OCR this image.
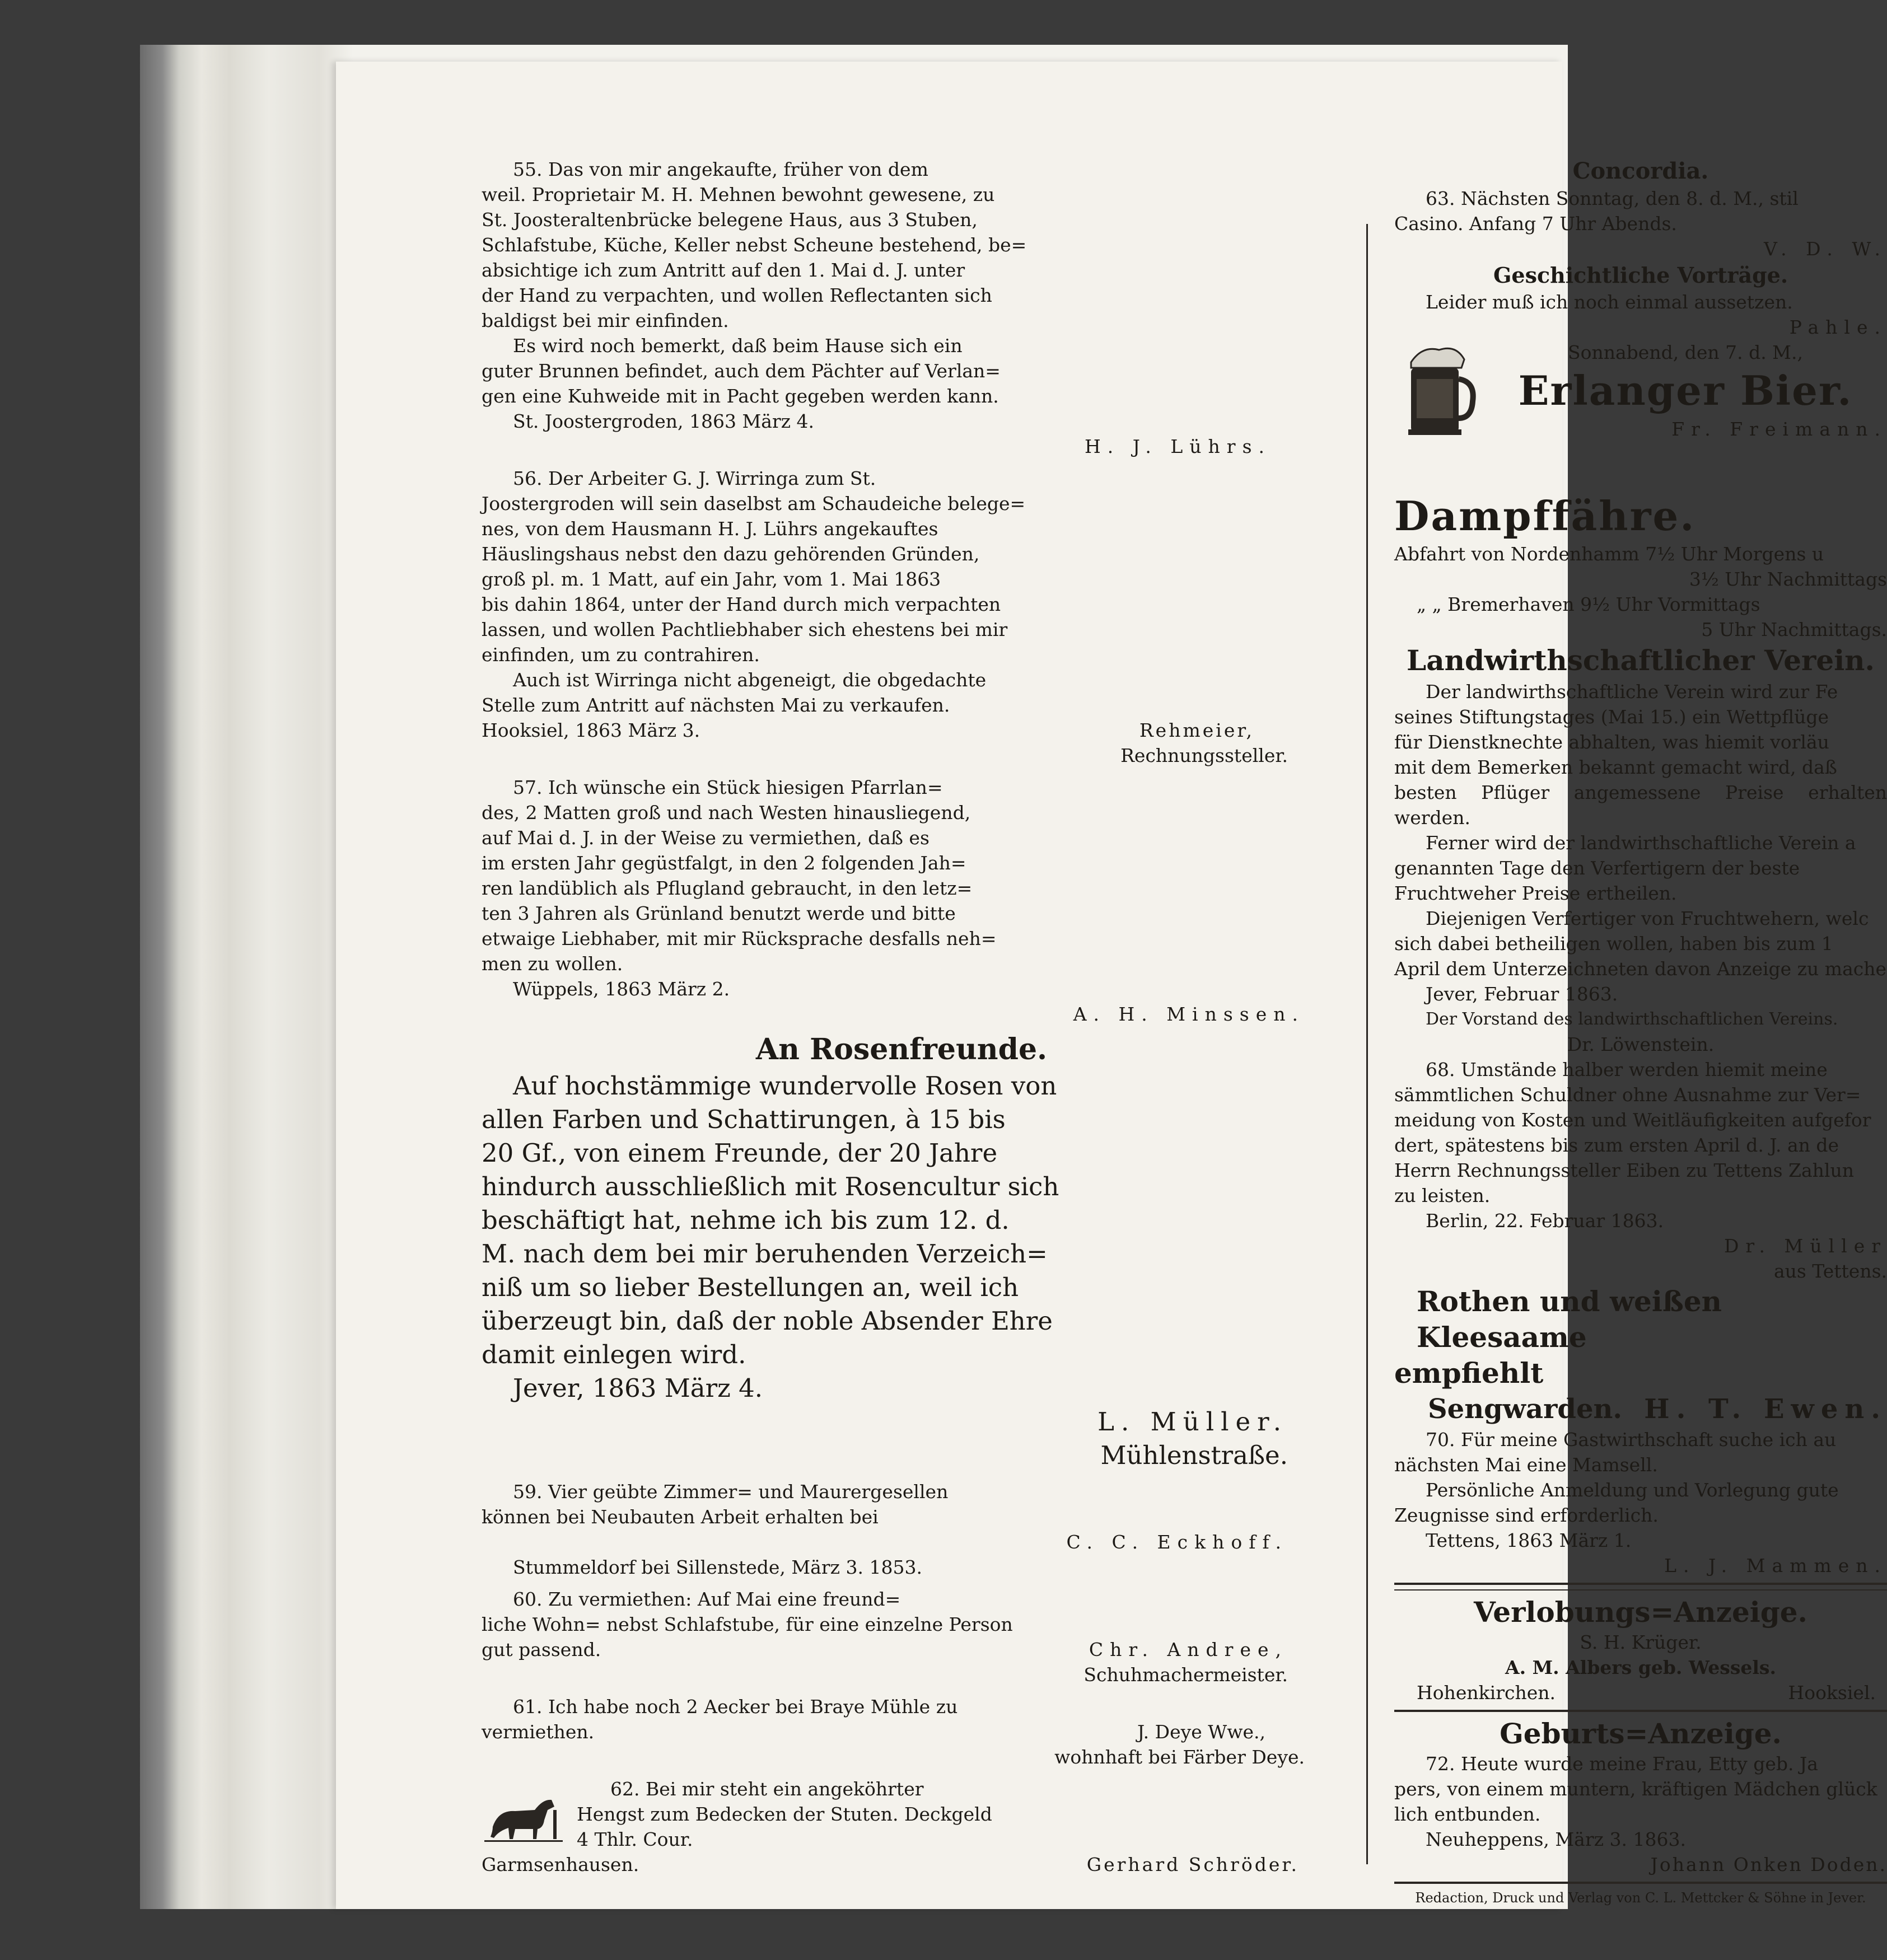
55. Das von mir angekaufte, früher von dem

weil. Proprietair M. H. Mehnen bewohnt gewesene, zu

St. Joosteraltenbrücke belegene Haus, aus 3 Stuben,

Schlafstube, Küche, Keller nebst Scheune bestehend, be=

absichtige ich zum Antritt auf den 1. Mai d. J. unter

der Hand zu verpachten, und wollen Reflectanten sich

baldigst bei mir einfinden.

Es wird noch bemerkt, daß beim Hause sich ein

guter Brunnen befindet, auch dem Pächter auf Verlan=

gen eine Kuhweide mit in Pacht gegeben werden kann.

St. Joostergroden, 1863 März 4.

H. J. Lührs.

56. Der Arbeiter G. J. Wirringa zum St.

Joostergroden will sein daselbst am Schaudeiche belege=

nes, von dem Hausmann H. J. Lührs angekauftes

Häuslingshaus nebst den dazu gehörenden Gründen,

groß pl. m. 1 Matt, auf ein Jahr, vom 1. Mai 1863

bis dahin 1864, unter der Hand durch mich verpachten

lassen, und wollen Pachtliebhaber sich ehestens bei mir

einfinden, um zu contrahiren.

Auch ist Wirringa nicht abgeneigt, die obgedachte

Stelle zum Antritt auf nächsten Mai zu verkaufen.

Hooksiel, 1863 März 3.	Rehmeier,

Rechnungssteller.

57. Ich wünsche ein Stück hiesigen Pfarrlan=

des, 2 Matten groß und nach Westen hinausliegend,

auf Mai d. J. in der Weise zu vermiethen, daß es

im ersten Jahr gegüstfalgt, in den 2 folgenden Jah=

ren landüblich als Pflugland gebraucht, in den letz=

ten 3 Jahren als Grünland benutzt werde und bitte

etwaige Liebhaber, mit mir Rücksprache desfalls neh=

men zu wollen.

Wüppels, 1863 März 2.

A. H. Minssen.

An Rosenfreunde.

Auf hochstämmige wundervolle Rosen von

allen Farben und Schattirungen, à 15 bis

20 Gf., von einem Freunde, der 20 Jahre

hindurch ausschließlich mit Rosencultur sich

beschäftigt hat, nehme ich bis zum 12. d.

M. nach dem bei mir beruhenden Verzeich=

niß um so lieber Bestellungen an, weil ich

überzeugt bin, daß der noble Absender Ehre

damit einlegen wird.

Jever, 1863 März 4.

L. Müller.

Mühlenstraße.

59. Vier geübte Zimmer= und Maurergesellen

können bei Neubauten Arbeit erhalten bei

C. C. Eckhoff.

Stummeldorf bei Sillenstede, März 3. 1853.

60. Zu vermiethen: Auf Mai eine freund=

liche Wohn= nebst Schlafstube, für eine einzelne Person

gut passend.	Chr. Andree,

Schuhmachermeister.

61. Ich habe noch 2 Aecker bei Braye Mühle zu

vermiethen.	J. Deye Wwe.,

wohnhaft bei Färber Deye.

62. Bei mir steht ein angeköhrter

Hengst zum Bedecken der Stuten. Deckgeld

4 Thlr. Cour.

Garmsenhausen.	Gerhard Schröder.
Concordia.

63. Nächsten Sonntag, den 8. d. M., stil

Casino. Anfang 7 Uhr Abends.

V. D. W.

Geschichtliche Vorträge.

Leider muß ich noch einmal aussetzen.

Pahle.

Sonnabend, den 7. d. M.,

Erlanger Bier.

Fr. Freimann.

Dampffähre.

Abfahrt von Nordenhamm 7½ Uhr Morgens u

3½ Uhr Nachmittags

„ „ Bremerhaven 9½ Uhr Vormittags

5 Uhr Nachmittags.

Landwirthschaftlicher Verein.

Der landwirthschaftliche Verein wird zur Fe

seines Stiftungstages (Mai 15.) ein Wettpflüge

für Dienstknechte abhalten, was hiemit vorläu

mit dem Bemerken bekannt gemacht wird, daß

besten Pflüger angemessene Preise erhalten werden.

Ferner wird der landwirthschaftliche Verein a

genannten Tage den Verfertigern der beste

Fruchtweher Preise ertheilen.

Diejenigen Verfertiger von Fruchtwehern, welc

sich dabei betheiligen wollen, haben bis zum 1

April dem Unterzeichneten davon Anzeige zu mache

Jever, Februar 1863.

Der Vorstand des landwirthschaftlichen Vereins.

Dr. Löwenstein.

68. Umstände halber werden hiemit meine

sämmtlichen Schuldner ohne Ausnahme zur Ver=

meidung von Kosten und Weitläufigkeiten aufgefor

dert, spätestens bis zum ersten April d. J. an de

Herrn Rechnungssteller Eiben zu Tettens Zahlun

zu leisten.

Berlin, 22. Februar 1863.

Dr. Müller

aus Tettens.

Rothen und weißen Kleesaame
empfiehlt
Sengwarden. H. T. Ewen.

70. Für meine Gastwirthschaft suche ich au

nächsten Mai eine Mamsell.

Persönliche Anmeldung und Vorlegung gute

Zeugnisse sind erforderlich.

Tettens, 1863 März 1.

L. J. Mammen.

Verlobungs=Anzeige.

S. H. Krüger.

A. M. Albers geb. Wessels.

Hohenkirchen.	Hooksiel.
Geburts=Anzeige.

72. Heute wurde meine Frau, Etty geb. Ja

pers, von einem muntern, kräftigen Mädchen glück

lich entbunden.

Neuheppens, März 3. 1863.

Johann Onken Doden.

Redaction, Druck und Verlag von C. L. Mettcker & Söhne in Jever.
